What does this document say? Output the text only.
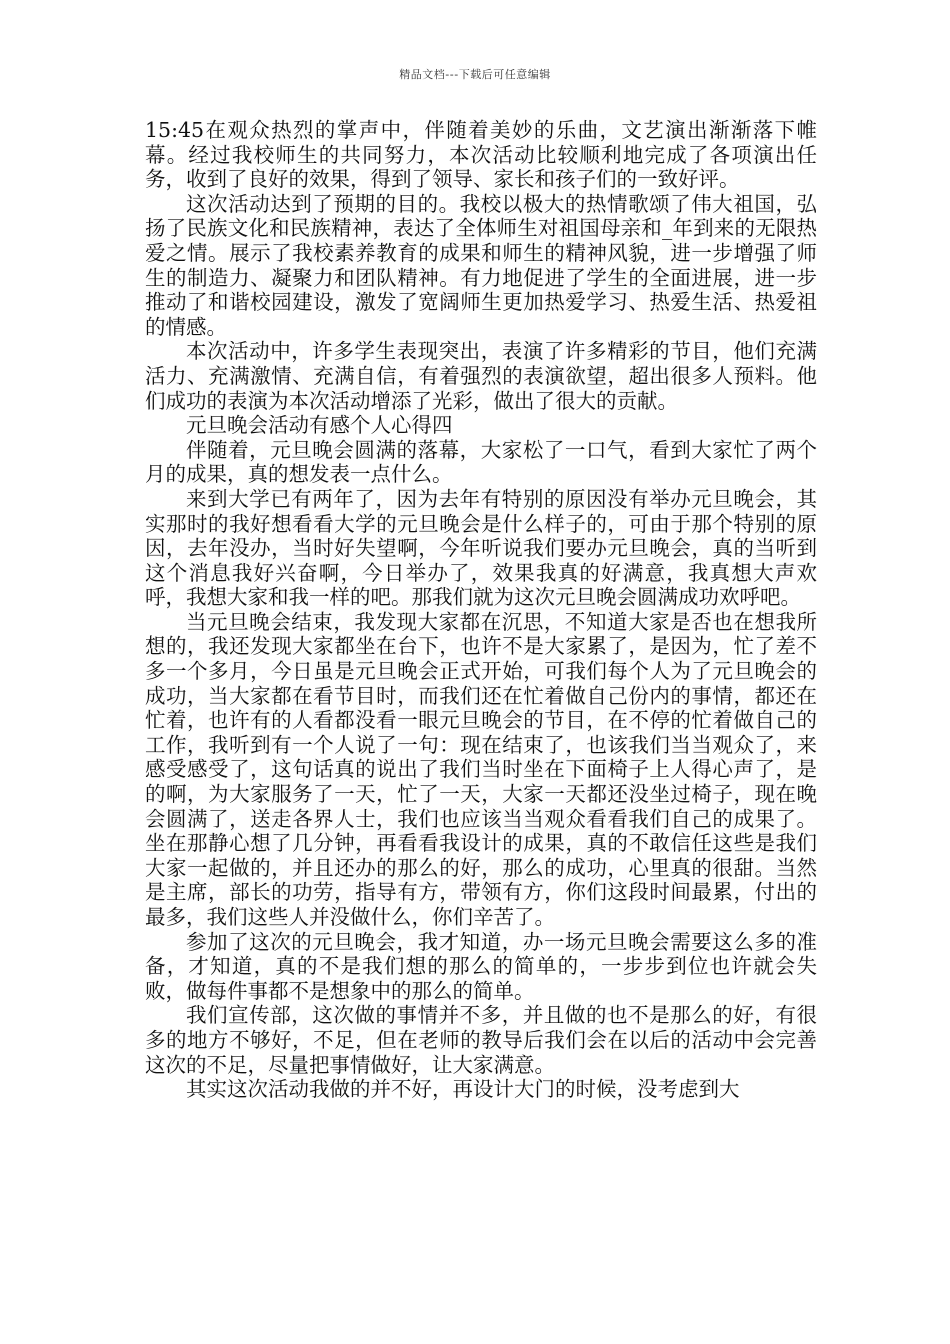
精品文档---下载后可任意编辑

15:45在观众热烈的掌声中，伴随着美妙的乐曲，文艺演出渐渐落下帷幕。经过我校师生的共同努力，本次活动比较顺利地完成了各项演出任务，收到了良好的效果，得到了领导、家长和孩子们的一致好评。

这次活动达到了预期的目的。我校以极大的热情歌颂了伟大祖国，弘扬了民族文化和民族精神，表达了全体师生对祖国母亲和_年到来的无限热爱之情。展示了我校素养教育的成果和师生的精神风貌，进一步增强了师生的制造力、凝聚力和团队精神。有力地促进了学生的全面进展，进一步推动了和谐校园建设，激发了宽阔师生更加热爱学习、热爱生活、热爱祖的情感。

本次活动中，许多学生表现突出，表演了许多精彩的节目，他们充满活力、充满激情、充满自信，有着强烈的表演欲望，超出很多人预料。他们成功的表演为本次活动增添了光彩，做出了很大的贡献。

元旦晚会活动有感个人心得四

伴随着，元旦晚会圆满的落幕，大家松了一口气，看到大家忙了两个月的成果，真的想发表一点什么。

来到大学已有两年了，因为去年有特别的原因没有举办元旦晚会，其实那时的我好想看看大学的元旦晚会是什么样子的，可由于那个特别的原因，去年没办，当时好失望啊，今年听说我们要办元旦晚会，真的当听到这个消息我好兴奋啊，今日举办了，效果我真的好满意，我真想大声欢呼，我想大家和我一样的吧。那我们就为这次元旦晚会圆满成功欢呼吧。

当元旦晚会结束，我发现大家都在沉思，不知道大家是否也在想我所想的，我还发现大家都坐在台下，也许不是大家累了，是因为，忙了差不多一个多月，今日虽是元旦晚会正式开始，可我们每个人为了元旦晚会的成功，当大家都在看节目时，而我们还在忙着做自己份内的事情，都还在忙着，也许有的人看都没看一眼元旦晚会的节目，在不停的忙着做自己的工作，我听到有一个人说了一句：现在结束了，也该我们当当观众了，来感受感受了，这句话真的说出了我们当时坐在下面椅子上人得心声了，是的啊，为大家服务了一天，忙了一天，大家一天都还没坐过椅子，现在晚会圆满了，送走各界人士，我们也应该当当观众看看我们自己的成果了。坐在那静心想了几分钟，再看看我设计的成果，真的不敢信任这些是我们大家一起做的，并且还办的那么的好，那么的成功，心里真的很甜。当然是主席，部长的功劳，指导有方，带领有方，你们这段时间最累，付出的最多，我们这些人并没做什么，你们辛苦了。

参加了这次的元旦晚会，我才知道，办一场元旦晚会需要这么多的准备，才知道，真的不是我们想的那么的简单的，一步步到位也许就会失败，做每件事都不是想象中的那么的简单。

我们宣传部，这次做的事情并不多，并且做的也不是那么的好，有很多的地方不够好，不足，但在老师的教导后我们会在以后的活动中会完善这次的不足，尽量把事情做好，让大家满意。

其实这次活动我做的并不好，再设计大门的时候，没考虑到大
